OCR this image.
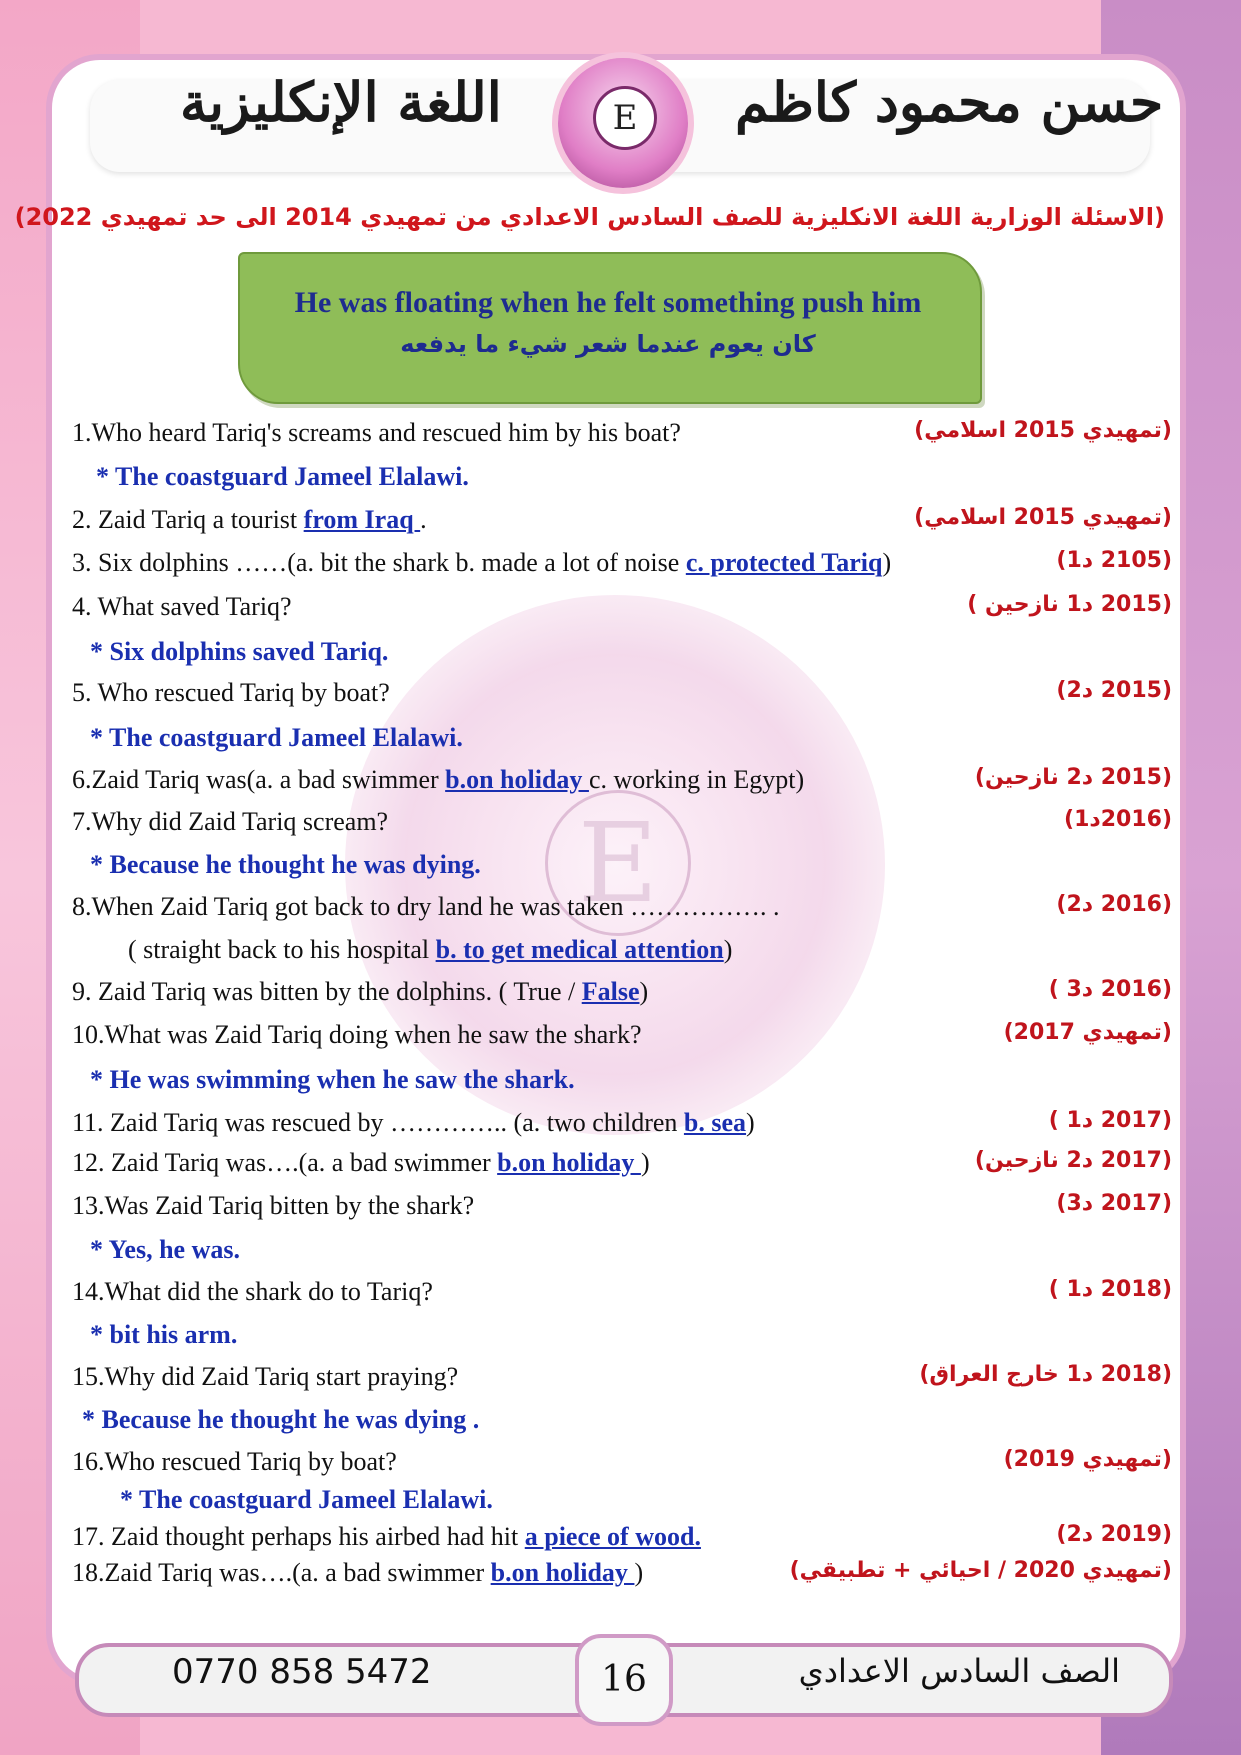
اللغة الإنكليزية	حسن محمود كاظم
E
(الاسئلة الوزارية اللغة الانكليزية للصف السادس الاعدادي من تمهيدي 2014 الى حد تمهيدي 2022)
He was floating when he felt something push him
كان يعوم عندما شعر شيء ما يدفعه
E
1.Who heard Tariq's screams and rescued him by his boat?	(تمهيدي 2015 اسلامي)
* The coastguard Jameel Elalawi.
2. Zaid Tariq a tourist from Iraq .	(تمهيدي 2015 اسلامي)
3. Six dolphins ……(a. bit the shark b. made a lot of noise c. protected Tariq)	(2105 د1)
4. What saved Tariq?	(2015 د1 نازحين )
* Six dolphins saved Tariq.
5. Who rescued Tariq by boat?	(2015 د2)
* The coastguard Jameel Elalawi.
6.Zaid Tariq was(a. a bad swimmer b.on holiday c. working in Egypt)	(2015 د2 نازحين)
7.Why did Zaid Tariq scream?	(2016د1)
* Because he thought he was dying.
8.When Zaid Tariq got back to dry land he was taken ……………. .	(2016 د2)
( straight back to his hospital b. to get medical attention)
9. Zaid Tariq was bitten by the dolphins. ( True / False)	(2016 د3 )
10.What was Zaid Tariq doing when he saw the shark?	(تمهيدي 2017)
* He was swimming when he saw the shark.
11. Zaid Tariq was rescued by ………….. (a. two children b. sea)	(2017 د1 )
12. Zaid Tariq was….(a. a bad swimmer b.on holiday )	(2017 د2 نازحين)
13.Was Zaid Tariq bitten by the shark?	(2017 د3)
* Yes, he was.
14.What did the shark do to Tariq?	(2018 د1 )
* bit his arm.
15.Why did Zaid Tariq start praying?	(2018 د1 خارج العراق)
* Because he thought he was dying .
16.Who rescued Tariq by boat?	(تمهيدي 2019)
* The coastguard Jameel Elalawi.
17. Zaid thought perhaps his airbed had hit a piece of wood.	(2019 د2)
18.Zaid Tariq was….(a. a bad swimmer b.on holiday )	(تمهيدي 2020 / احيائي + تطبيقي)
0770 858 5472	16	الصف السادس الاعدادي
